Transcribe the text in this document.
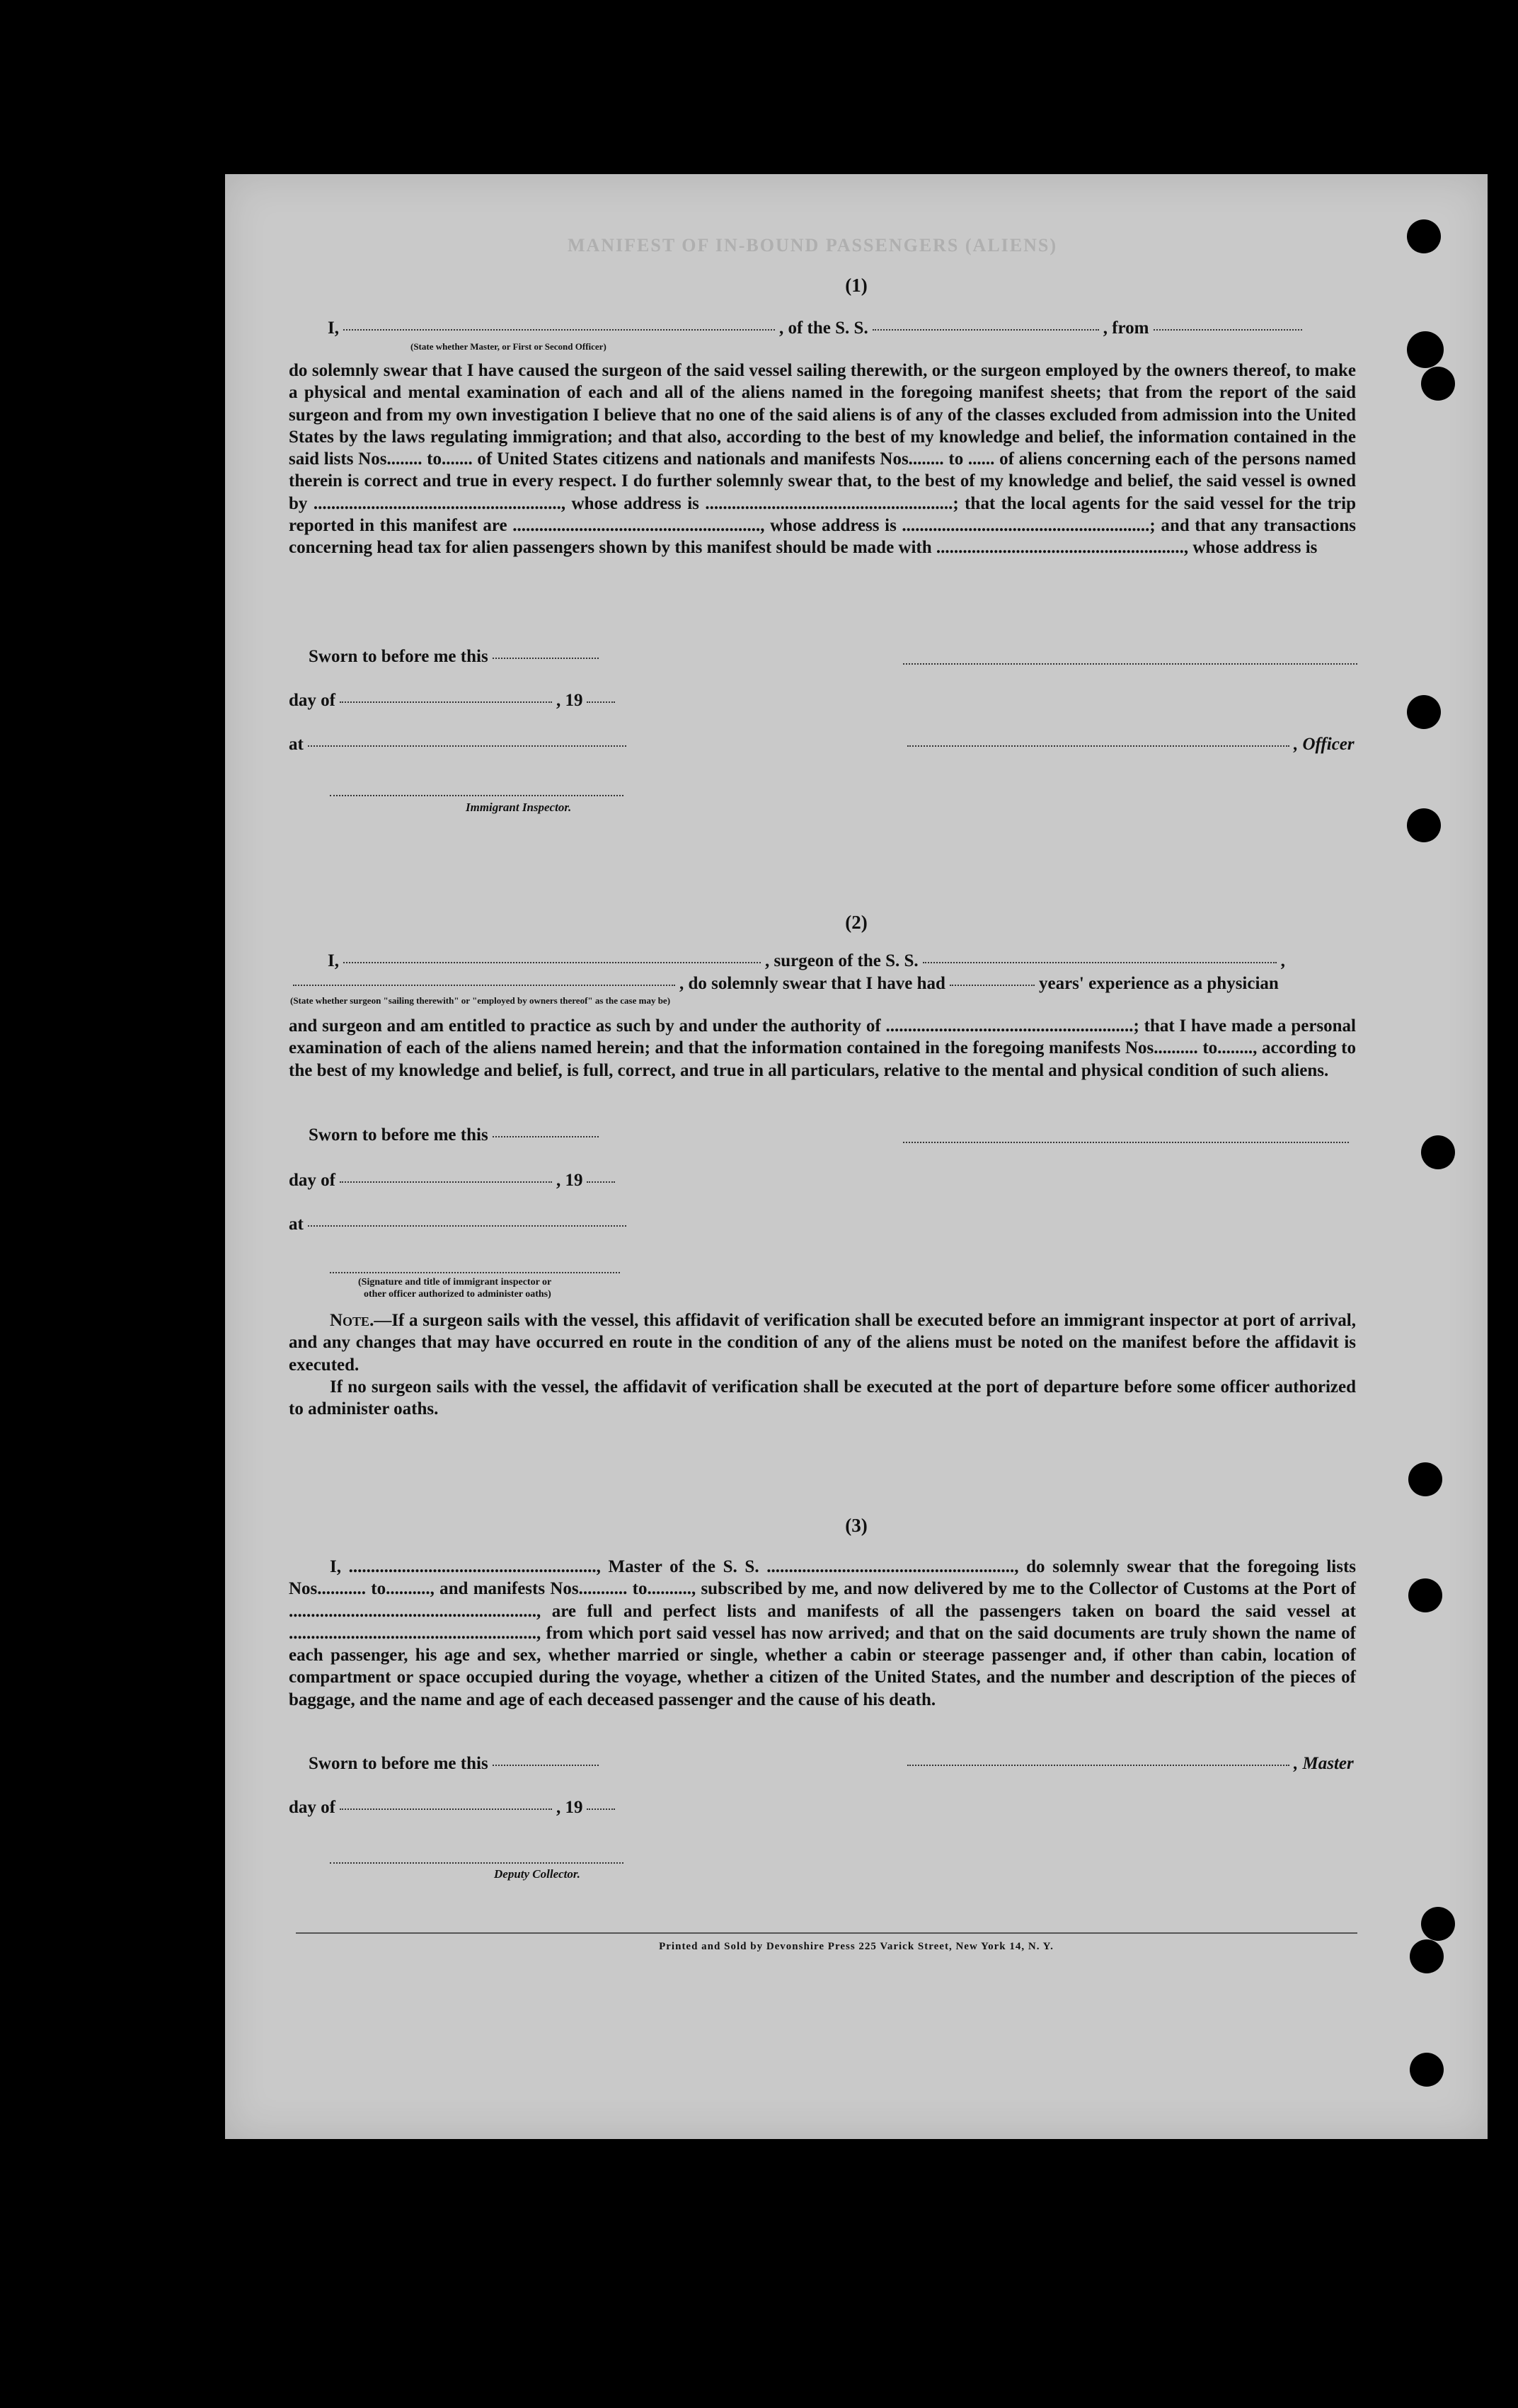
MANIFEST OF IN-BOUND PASSENGERS (ALIENS)
(1)
I,	, of the S. S.	, from
(State whether Master, or First or Second Officer)
do solemnly swear that I have caused the surgeon of the said vessel sailing therewith, or the surgeon employed by the owners thereof, to make a physical and mental examination of each and all of the aliens named in the foregoing manifest sheets; that from the report of the said surgeon and from my own investigation I believe that no one of the said aliens is of any of the classes excluded from admission into the United States by the laws regulating immigration; and that also, according to the best of my knowledge and belief, the information contained in the said lists Nos........ to....... of United States citizens and nationals and manifests Nos........ to ...... of aliens concerning each of the persons named therein is correct and true in every respect. I do further solemnly swear that, to the best of my knowledge and belief, the said vessel is owned by ........................................................, whose address is ........................................................; that the local agents for the said vessel for the trip reported in this manifest are ........................................................, whose address is ........................................................; and that any transactions concerning head tax for alien passengers shown by this manifest should be made with ........................................................, whose address is
Sworn to before me this
day of	, 19
at	, Officer
Immigrant Inspector.
(2)
I,	, surgeon of the S. S.	,
, do solemnly swear that I have had	years' experience as a physician
(State whether surgeon "sailing therewith" or "employed by owners thereof" as the case may be)
and surgeon and am entitled to practice as such by and under the authority of ........................................................; that I have made a personal examination of each of the aliens named herein; and that the information contained in the foregoing manifests Nos.......... to........, according to the best of my knowledge and belief, is full, correct, and true in all particulars, relative to the mental and physical condition of such aliens.
Sworn to before me this
day of	, 19
at
(Signature and title of immigrant inspector or
other officer authorized to administer oaths)
Note.—If a surgeon sails with the vessel, this affidavit of verification shall be executed before an immigrant inspector at port of arrival, and any changes that may have occurred en route in the condition of any of the aliens must be noted on the manifest before the affidavit is executed.
If no surgeon sails with the vessel, the affidavit of verification shall be executed at the port of departure before some officer authorized to administer oaths.
(3)
I, ........................................................, Master of the S. S. ........................................................, do solemnly swear that the foregoing lists Nos........... to.........., and manifests Nos........... to.........., subscribed by me, and now delivered by me to the Collector of Customs at the Port of ........................................................, are full and perfect lists and manifests of all the passengers taken on board the said vessel at ........................................................, from which port said vessel has now arrived; and that on the said documents are truly shown the name of each passenger, his age and sex, whether married or single, whether a cabin or steerage passenger and, if other than cabin, location of compartment or space occupied during the voyage, whether a citizen of the United States, and the number and description of the pieces of baggage, and the name and age of each deceased passenger and the cause of his death.
Sworn to before me this	, Master
day of	, 19
Deputy Collector.
Printed and Sold by Devonshire Press 225 Varick Street, New York 14, N. Y.
